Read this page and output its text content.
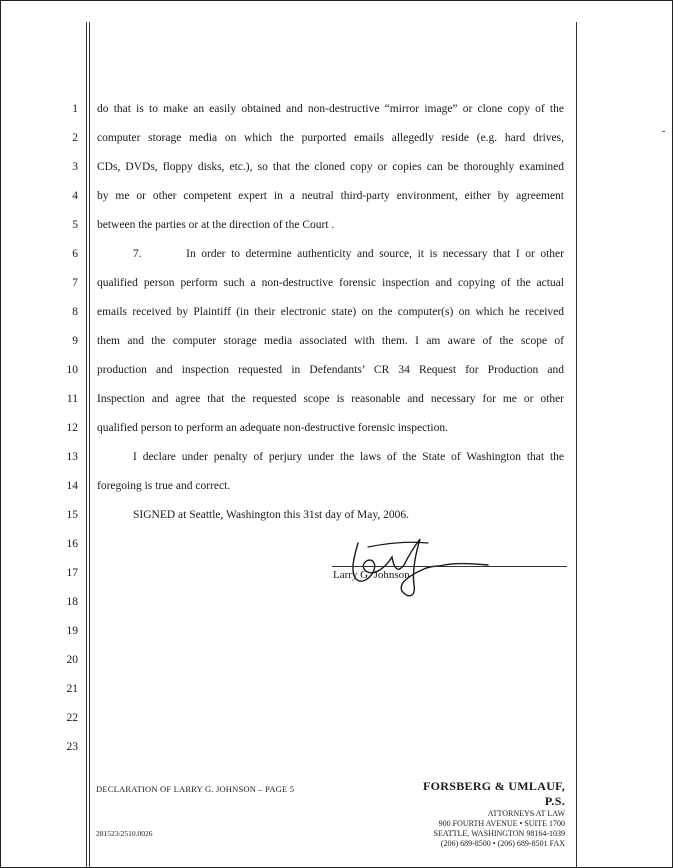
1
2
3
4
5
6
7
8
9
10
11
12
13
14
15
16
17
18
19
20
21
22
23
do that is to make an easily obtained and non-destructive “mirror image” or clone copy of the
computer storage media on which the purported emails allegedly reside (e.g. hard drives,
CDs, DVDs, floppy disks, etc.), so that the cloned copy or copies can be thoroughly examined
by me or other competent expert in a neutral third-party environment, either by agreement
between the parties or at the direction of the Court .
7.        In order to determine authenticity and source, it is necessary that I or other
qualified person perform such a non-destructive forensic inspection and copying of the actual
emails received by Plaintiff (in their electronic state) on the computer(s) on which he received
them and the computer storage media associated with them. I am aware of the scope of
production and inspection requested in Defendants’ CR 34 Request for Production and
Inspection and agree that the requested scope is reasonable and necessary for me or other
qualified person to perform an adequate non-destructive forensic inspection.
I declare under penalty of perjury under the laws of the State of Washington that the
foregoing is true and correct.
SIGNED at Seattle, Washington this 31st day of May, 2006.
Larry G. Johnson
DECLARATION OF LARRY G. JOHNSON – PAGE 5
281523/2510.0026
FORSBERG & UMLAUF, P.S.
ATTORNEYS AT LAW
900 FOURTH AVENUE • SUITE 1700
SEATTLE, WASHINGTON 98164-1039
(206) 689-8500 • (206) 689-8501 FAX
-
